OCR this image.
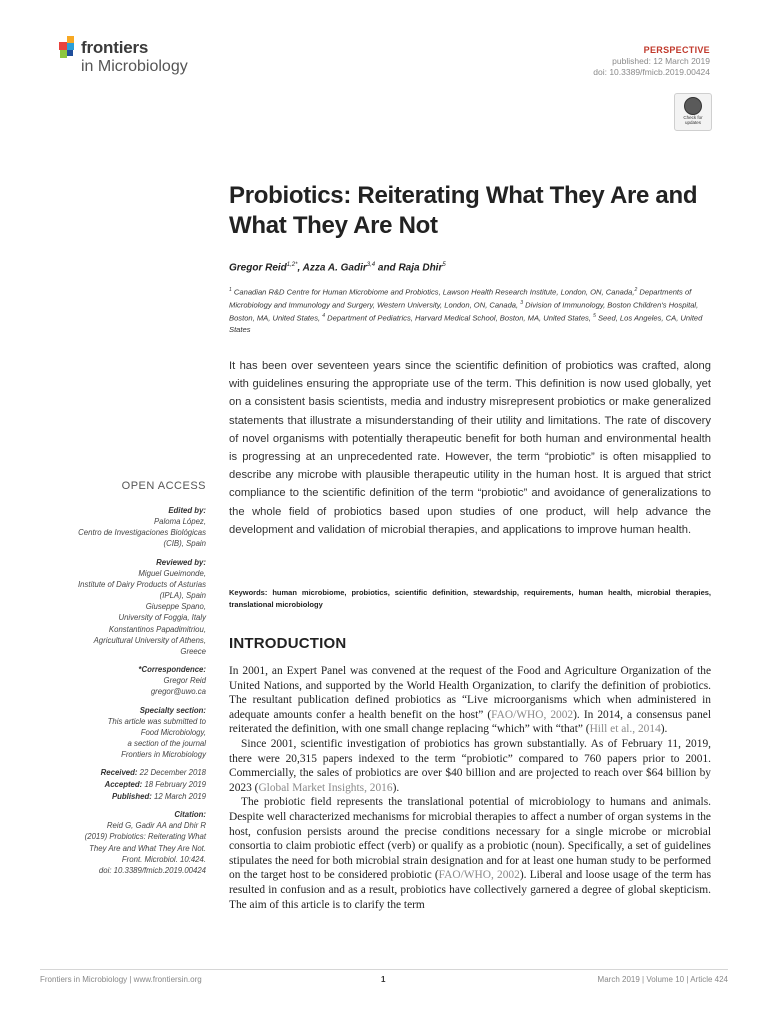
frontiers
in Microbiology
PERSPECTIVE
published: 12 March 2019
doi: 10.3389/fmicb.2019.00424
Check for updates
Probiotics: Reiterating What They Are and What They Are Not
Gregor Reid$^{1,2*}$, Azza A. Gadir$^{3,4}$ and Raja Dhir$^5$
$^1$ Canadian R&D Centre for Human Microbiome and Probiotics, Lawson Health Research Institute, London, ON, Canada,$^2$ Departments of Microbiology and Immunology and Surgery, Western University, London, ON, Canada, $^3$ Division of Immunology, Boston Children's Hospital, Boston, MA, United States, $^4$ Department of Pediatrics, Harvard Medical School, Boston, MA, United States, $^5$ Seed, Los Angeles, CA, United States
It has been over seventeen years since the scientific definition of probiotics was crafted, along with guidelines ensuring the appropriate use of the term. This definition is now used globally, yet on a consistent basis scientists, media and industry misrepresent probiotics or make generalized statements that illustrate a misunderstanding of their utility and limitations. The rate of discovery of novel organisms with potentially therapeutic benefit for both human and environmental health is progressing at an unprecedented rate. However, the term “probiotic” is often misapplied to describe any microbe with plausible therapeutic utility in the human host. It is argued that strict compliance to the scientific definition of the term “probiotic” and avoidance of generalizations to the whole field of probiotics based upon studies of one product, will help advance the development and validation of microbial therapies, and applications to improve human health.
Keywords: human microbiome, probiotics, scientific definition, stewardship, requirements, human health, microbial therapies, translational microbiology
INTRODUCTION

In 2001, an Expert Panel was convened at the request of the Food and Agriculture Organization of the United Nations, and supported by the World Health Organization, to clarify the definition of probiotics. The resultant publication defined probiotics as “Live microorganisms which when administered in adequate amounts confer a health benefit on the host” (FAO/WHO, 2002). In 2014, a consensus panel reiterated the definition, with one small change replacing “which” with “that” (Hill et al., 2014).

Since 2001, scientific investigation of probiotics has grown substantially. As of February 11, 2019, there were 20,315 papers indexed to the term “probiotic” compared to 760 papers prior to 2001. Commercially, the sales of probiotics are over $40 billion and are projected to reach over $64 billion by 2023 (Global Market Insights, 2016).

The probiotic field represents the translational potential of microbiology to humans and animals. Despite well characterized mechanisms for microbial therapies to affect a number of organ systems in the host, confusion persists around the precise conditions necessary for a single microbe or microbial consortia to claim probiotic effect (verb) or qualify as a probiotic (noun). Specifically, a set of guidelines stipulates the need for both microbial strain designation and for at least one human study to be performed on the target host to be considered probiotic (FAO/WHO, 2002). Liberal and loose usage of the term has resulted in confusion and as a result, probiotics have collectively garnered a degree of global skepticism. The aim of this article is to clarify the term

OPEN ACCESS
Edited by:
Paloma López,
Centro de Investigaciones Biológicas
(CIB), Spain
Reviewed by:
Miguel Gueimonde,
Institute of Dairy Products of Asturias
(IPLA), Spain
Giuseppe Spano,
University of Foggia, Italy
Konstantinos Papadimitriou,
Agricultural University of Athens,
Greece
*Correspondence:
Gregor Reid
gregor@uwo.ca
Specialty section:
This article was submitted to
Food Microbiology,
a section of the journal
Frontiers in Microbiology
Received: 22 December 2018
Accepted: 18 February 2019
Published: 12 March 2019
Citation:
Reid G, Gadir AA and Dhir R
(2019) Probiotics: Reiterating What
They Are and What They Are Not.
Front. Microbiol. 10:424.
doi: 10.3389/fmicb.2019.00424
Frontiers in Microbiology | www.frontiersin.org	1	March 2019 | Volume 10 | Article 424
